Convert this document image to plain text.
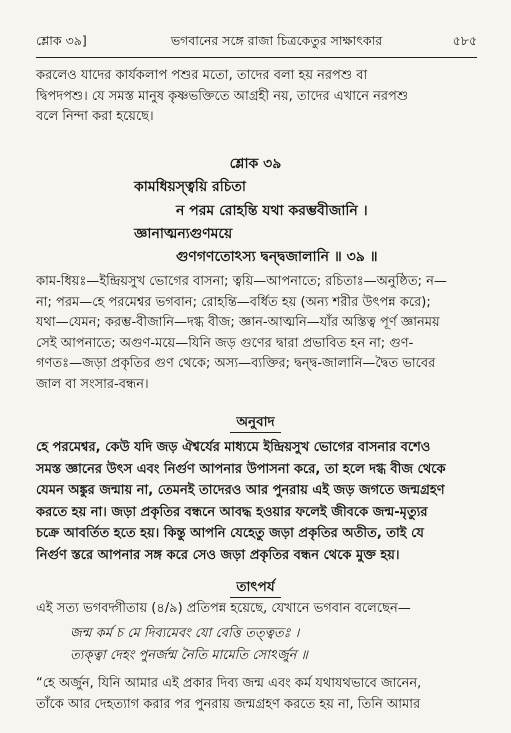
শ্লোক ৩৯]	ভগবানের সঙ্গে রাজা চিত্রকেতুর সাক্ষাৎকার	৫৮৫
করলেও যাদের কার্যকলাপ পশুর মতো, তাদের বলা হয় নরপশু বা
দ্বিপদপশু। যে সমস্ত মানুষ কৃষ্ণভক্তিতে আগ্রহী নয়, তাদের এখানে নরপশু
বলে নিন্দা করা হয়েছে।
শ্লোক ৩৯
কামধিয়স্ত্বয়ি রচিতা
ন পরম রোহন্তি যথা করম্ভবীজানি ।
জ্ঞানাত্মন্যগুণময়ে
গুণগণতোঽস্য দ্বন্দ্বজালানি ॥ ৩৯ ॥
কাম-ধিয়ঃ—ইন্দ্রিয়সুখ ভোগের বাসনা; ত্বয়ি—আপনাতে; রচিতাঃ—অনুষ্ঠিত; ন—
না; পরম—হে পরমেশ্বর ভগবান; রোহন্তি—বর্ধিত হয় (অন্য শরীর উৎপন্ন করে);
যথা—যেমন; করম্ভ-বীজানি—দগ্ধ বীজ; জ্ঞান-আত্মনি—যাঁর অস্তিত্ব পূর্ণ জ্ঞানময়
সেই আপনাতে; অগুণ-ময়ে—যিনি জড় গুণের দ্বারা প্রভাবিত হন না; গুণ-
গণতঃ—জড়া প্রকৃতির গুণ থেকে; অস্য—ব্যক্তির; দ্বন্দ্ব-জালানি—দ্বৈত ভাবের
জাল বা সংসার-বন্ধন।
অনুবাদ
হে পরমেশ্বর, কেউ যদি জড় ঐশ্বর্যের মাধ্যমে ইন্দ্রিয়সুখ ভোগের বাসনার বশেও
সমস্ত জ্ঞানের উৎস এবং নির্গুণ আপনার উপাসনা করে, তা হলে দগ্ধ বীজ থেকে
যেমন অঙ্কুর জন্মায় না, তেমনই তাদেরও আর পুনরায় এই জড় জগতে জন্মগ্রহণ
করতে হয় না। জড়া প্রকৃতির বন্ধনে আবদ্ধ হওয়ার ফলেই জীবকে জন্ম-মৃত্যুর
চক্রে আবর্তিত হতে হয়। কিন্তু আপনি যেহেতু জড়া প্রকৃতির অতীত, তাই যে
নির্গুণ স্তরে আপনার সঙ্গ করে সেও জড়া প্রকৃতির বন্ধন থেকে মুক্ত হয়।
তাৎপর্য
এই সত্য ভগবদ্গীতায় (৪/৯) প্রতিপন্ন হয়েছে, যেখানে ভগবান বলেছেন—
জন্ম কর্ম চ মে দিব্যমেবং যো বেত্তি তত্ত্বতঃ ।
ত্যক্ত্বা দেহং পুনর্জন্ম নৈতি মামেতি সোঽর্জুন ॥
“হে অর্জুন, যিনি আমার এই প্রকার দিব্য জন্ম এবং কর্ম যথাযথভাবে জানেন,
তাঁকে আর দেহত্যাগ করার পর পুনরায় জন্মগ্রহণ করতে হয় না, তিনি আমার
